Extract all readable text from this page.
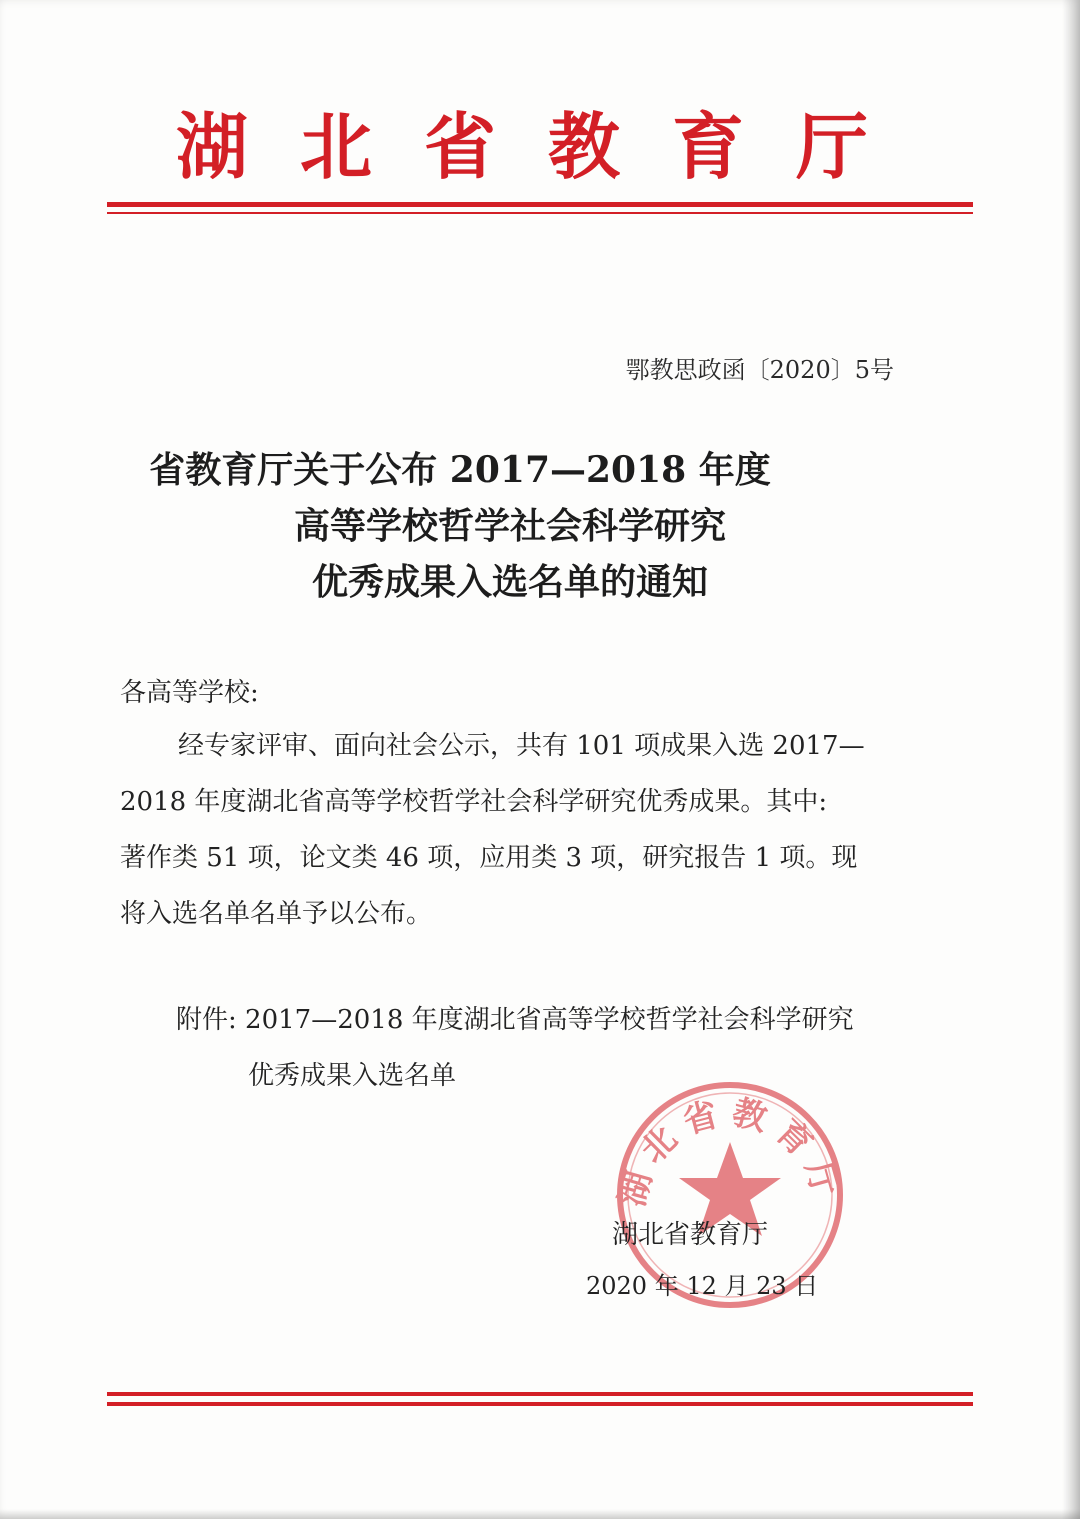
湖北省教育厅
鄂教思政函〔2020〕5号
省教育厅关于公布 2017—2018 年度
高等学校哲学社会科学研究
优秀成果入选名单的通知
各高等学校:
经专家评审、面向社会公示，共有 101 项成果入选 2017—
2018 年度湖北省高等学校哲学社会科学研究优秀成果。其中:
著作类 51 项，论文类 46 项，应用类 3 项，研究报告 1 项。现
将入选名单名单予以公布。
附件: 2017—2018 年度湖北省高等学校哲学社会科学研究
优秀成果入选名单
湖北省教育厅
湖北省教育厅
2020 年 12 月 23 日
